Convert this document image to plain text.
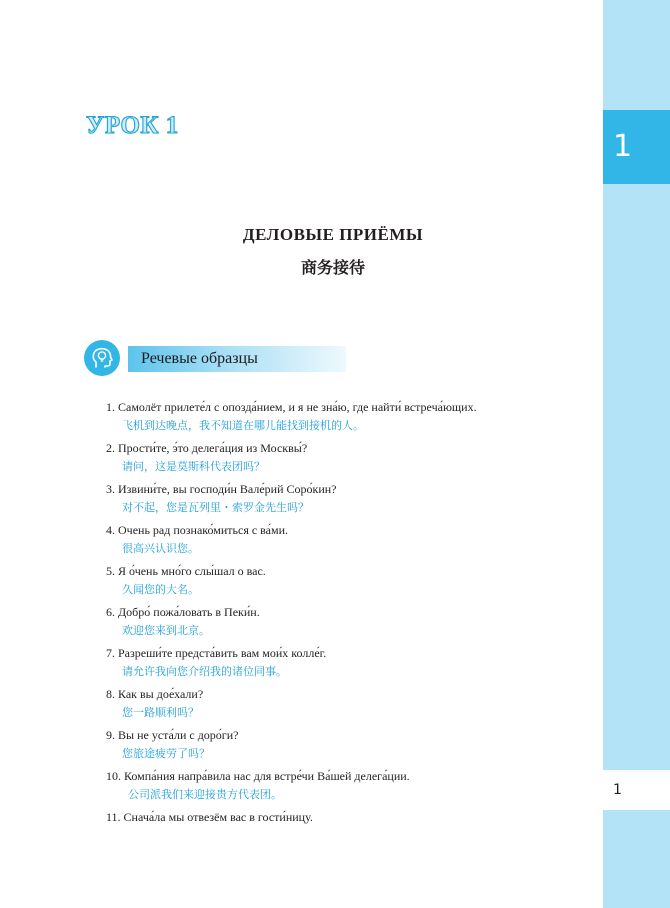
1
1
УРОК 1
ДЕЛОВЫЕ ПРИЁМЫ
商务接待
Речевые образцы
1. Самолёт прилете́л с опозда́нием, и я не зна́ю, где найти́ встреча́ющих.
飞机到达晚点，我不知道在哪儿能找到接机的人。
2. Прости́те, э́то делега́ция из Москвы́?
请问，这是莫斯科代表团吗？
3. Извини́те, вы господи́н Вале́рий Соро́кин?
对不起，您是瓦列里・索罗金先生吗？
4. Очень рад познако́миться с ва́ми.
很高兴认识您。
5. Я о́чень мно́го слы́шал о вас.
久闻您的大名。
6. Добро́ пожа́ловать в Пеки́н.
欢迎您来到北京。
7. Разреши́те предста́вить вам мои́х колле́г.
请允许我向您介绍我的诸位同事。
8. Как вы дое́хали?
您一路顺利吗？
9. Вы не уста́ли с доро́ги?
您旅途疲劳了吗？
10. Компа́ния напра́вила нас для встре́чи Ва́шей делега́ции.
公司派我们来迎接贵方代表团。
11. Снача́ла мы отвезём вас в гости́ницу.
